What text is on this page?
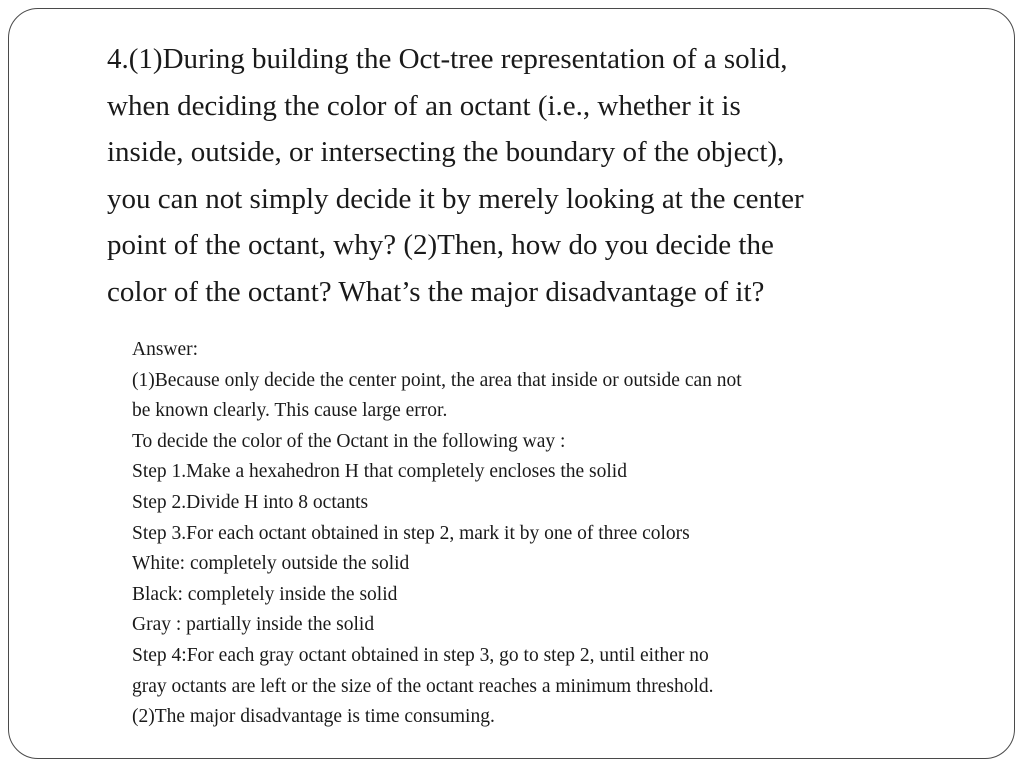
4.(1)During building the Oct-tree representation of a solid,
when deciding the color of an octant (i.e., whether it is
inside, outside, or intersecting the boundary of the object),
you can not simply decide it by merely looking at the center
point of the octant, why? (2)Then, how do you decide the
color of the octant? What’s the major disadvantage of it?
Answer:
(1)Because only decide the center point, the area that inside or outside can not
be known clearly. This cause large error.
To decide the color of the Octant in the following way :
Step 1.Make a hexahedron H that completely encloses the solid
Step 2.Divide H into 8 octants
Step 3.For each octant obtained in step 2, mark it by one of three colors
White: completely outside the solid
Black: completely inside the solid
Gray : partially inside the solid
Step 4:For each gray octant obtained in step 3, go to step 2, until either no
gray octants are left or the size of the octant reaches a minimum threshold.
(2)The major disadvantage is time consuming.
